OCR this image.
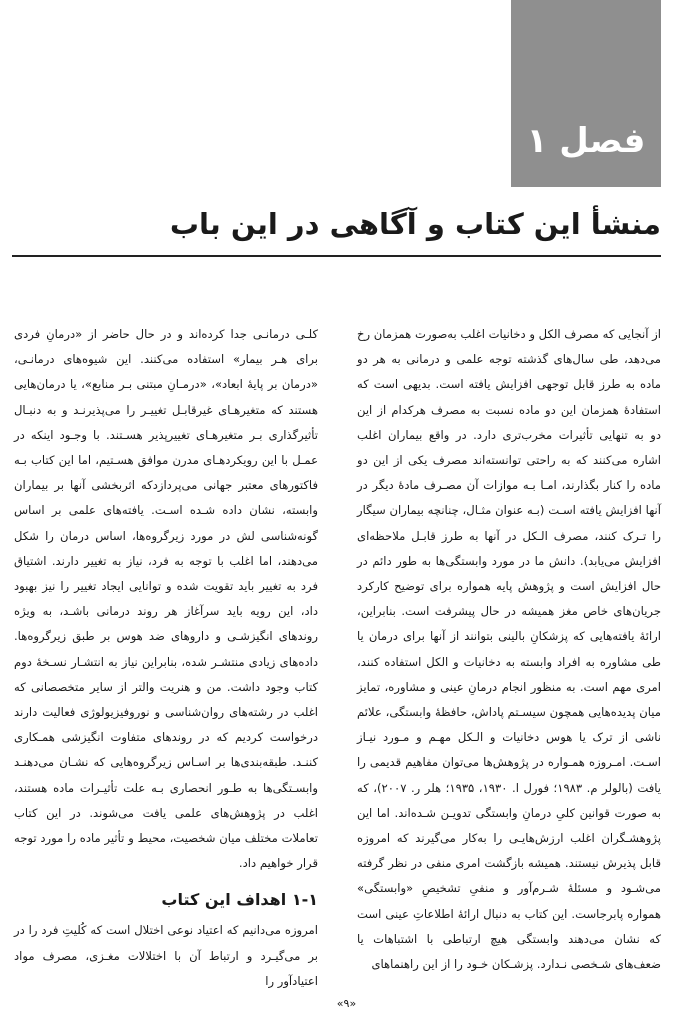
فصل ۱
منشأ این کتاب و آگاهی در این باب

از آنجایی که مصرف الکل و دخانیات اغلب به‌صورت همزمان رخ می‌دهد، طی سال‌های گذشته توجه علمی و درمانی به هر دو ماده به طرز قابل توجهی افزایش یافته است. بدیهی است که استفادهٔ همزمان این دو ماده نسبت به مصرف هرکدام از این دو به تنهایی تأثیرات مخرب‌تری دارد. در واقع بیماران اغلب اشاره می‌کنند که به راحتی توانسته‌اند مصرف یکی از این دو ماده را کنار بگذارند، امـا بـه موازات آن مصـرف مادهٔ دیگر در آنها افزایش یافته اسـت (بـه عنوان مثـال، چنانچه بیماران سیگار را تـرک کنند، مصرف الـکل در آنها به طرز قابـل ملاحظه‌ای افزایش می‌یابد). دانش ما در مورد وابستگی‌ها به طور دائم در حال افزایش است و پژوهش پایه همواره برای توضیح کارکرد جریان‌های خاص مغز همیشه در حال پیشرفت است. بنابراین، ارائهٔ یافته‌هایی که پزشکانِ بالینی بتوانند از آنها برای درمان یا طی مشاوره به افراد وابسته به دخانیات و الکل استفاده کنند، امری مهم است. به منظور انجام درمانِ عینی و مشاوره، تمایز میان پدیده‌هایی همچون سیسـتم پاداش، حافظهٔ وابستگی، علائم ناشی از ترک یا هوس دخانیات و الـکل مهـم و مـورد نیـاز اسـت. امـروزه همـواره در پژوهش‌ها می‌توان مفاهیم قدیمی را یافت (بالولر م. ۱۹۸۳؛ فورل ا. ۱۹۳۰، ۱۹۳۵؛ هلر ر. ۲۰۰۷)، که به صورت قوانین کلیِ درمانِ وابستگی تدویـن شـده‌اند. اما این پژوهشـگران اغلب ارزش‌هایـی را به‌کار می‌گیرند که امروزه قابل پذیرش نیستند. همیشه بازگشت امری منفی در نظر گرفته می‌شـود و مسئلهٔ شـرم‌آور و منفیِ تشخیصِ «وابستگی» همواره پابرجاست. این کتاب به دنبال ارائهٔ اطلاعاتِ عینی است که نشان می‌دهند وابستگی هیچ ارتباطی با اشتباهات یا ضعف‌های شـخصی نـدارد. پزشـکان خـود را از این راهنماهای

کلـی درمانـی جدا کرده‌اند و در حال حاضر از «درمانِ فردی برای هـر بیمار» استفاده می‌کنند. این شیوه‌های درمانـی، «درمان بر پایهٔ ابعاد»، «درمـانِ مبتنی بـر منابع»، یا درمان‌هایی هستند که متغیرهـای غیرقابـل تغییـر را می‌پذیرنـد و به دنبـال تأثیرگذاری بـر متغیرهـای تغییرپذیر هسـتند. با وجـود اینکه در عمـل با این رویکردهـای مدرن موافق هسـتیم، اما این کتاب بـه فاکتورهای معتبر جهانی می‌پردازدکه اثربخشی آنها بر بیماران وابسته، نشان داده شـده اسـت. یافته‌های علمی بر اساس گونه‌شناسی لش در مورد زیرگروه‌ها، اساس درمان را شکل می‌دهند، اما اغلب با توجه به فرد، نیاز به تغییر دارند. اشتیاق فرد به تغییر باید تقویت شده و توانایی ایجاد تغییر را نیز بهبود داد، این رویه باید سرآغاز هر روند درمانی باشـد، به ویژه روندهای انگیزشـی و داروهای ضد هوس بر طبق زیرگروه‌ها. داده‌های زیادی منتشـر شده، بنابراین نیاز به انتشـار نسـخهٔ دوم کتاب وجود داشت. من و هنریت والتر از سایر متخصصانی که اغلب در رشته‌های روان‌شناسی و نوروفیزیولوژی فعالیت دارند درخواست کردیم که در روندهای متفاوت انگیزشی همـکاری کننـد. طبقه‌بندی‌ها بر اسـاس زیرگروه‌هایی که نشـان می‌دهنـد وابسـتگی‌ها به طـور انحصاری بـه علت تأثیـرات ماده هستند، اغلب در پژوهش‌های علمی یافت می‌شوند. در این کتاب تعاملات مختلف میان شخصیت، محیط و تأثیر ماده را مورد توجه قرار خواهیم داد.

۱-۱ اهداف این کتاب

امروزه می‌دانیم که اعتیاد نوعی اختلال است که کُلیتِ فرد را در بر می‌گیـرد و ارتباط آن با اختلالات مغـزی، مصرف مواد اعتیادآور را

«۹»
